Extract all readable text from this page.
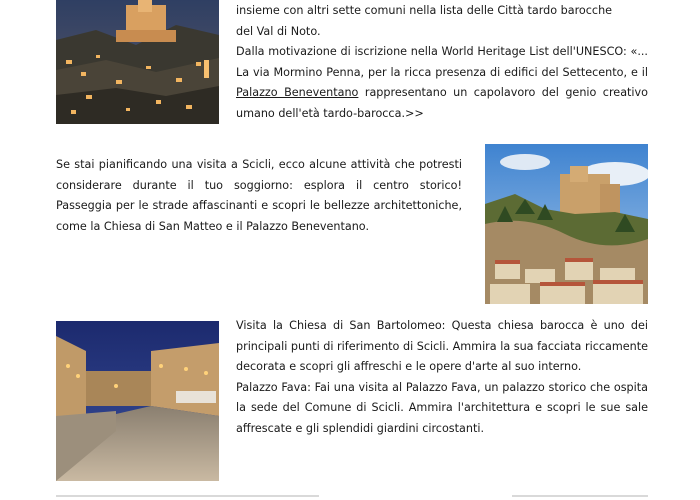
insieme con altri sette comuni nella lista delle Città tardo barocche

del Val di Noto.

Dalla motivazione di iscrizione nella World Heritage List dell'UNESCO: «... La via Mormino Penna, per la ricca presenza di edifici del Settecento, e il Palazzo Beneventano rappresentano un capolavoro del genio creativo umano dell'età tardo-barocca.>>

Se stai pianificando una visita a Scicli, ecco alcune attività che potresti considerare durante il tuo soggiorno: esplora il centro storico! Passeggia per le strade affascinanti e scopri le bellezze architettoniche, come la Chiesa di San Matteo e il Palazzo Beneventano.

Visita la Chiesa di San Bartolomeo: Questa chiesa barocca è uno dei principali punti di riferimento di Scicli. Ammira la sua facciata riccamente decorata e scopri gli affreschi e le opere d'arte al suo interno.

Palazzo Fava: Fai una visita al Palazzo Fava, un palazzo storico che ospita la sede del Comune di Scicli. Ammira l'architettura e scopri le sue sale affrescate e gli splendidi giardini circostanti.
